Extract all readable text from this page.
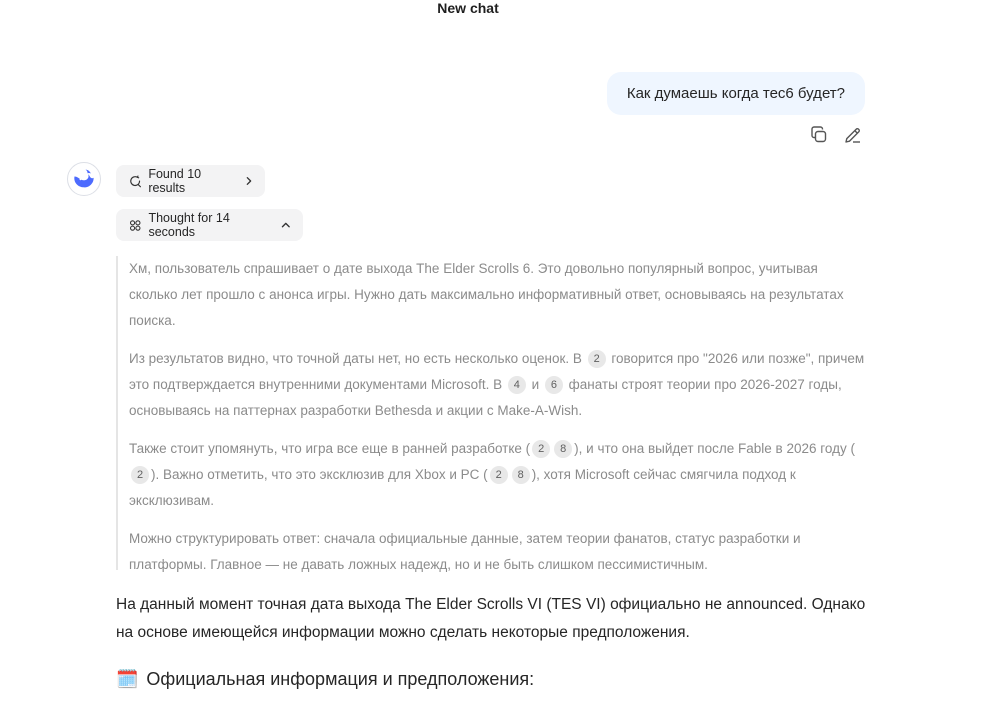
New chat
Как думаешь когда тес6 будет?
Found 10 results
Thought for 14 seconds

Хм, пользователь спрашивает о дате выхода The Elder Scrolls 6. Это довольно популярный вопрос, учитывая сколько лет прошло с анонса игры. Нужно дать максимально информативный ответ, основываясь на результатах поиска.

Из результатов видно, что точной даты нет, но есть несколько оценок. В 2 говорится про "2026 или позже", причем это подтверждается внутренними документами Microsoft. В 4 и 6 фанаты строят теории про 2026-2027 годы, основываясь на паттернах разработки Bethesda и акции с Make-A-Wish.

Также стоит упомянуть, что игра все еще в ранней разработке ( 2 8 ), и что она выйдет после Fable в 2026 году (2 ). Важно отметить, что это эксклюзив для Xbox и PC ( 2 8 ), хотя Microsoft сейчас смягчила подход к эксклюзивам.

Можно структурировать ответ: сначала официальные данные, затем теории фанатов, статус разработки и платформы. Главное — не давать ложных надежд, но и не быть слишком пессимистичным.

На данный момент точная дата выхода The Elder Scrolls VI (TES VI) официально не announced. Однако на основе имеющейся информации можно сделать некоторые предположения.
🗓️ Официальная информация и предположения:
